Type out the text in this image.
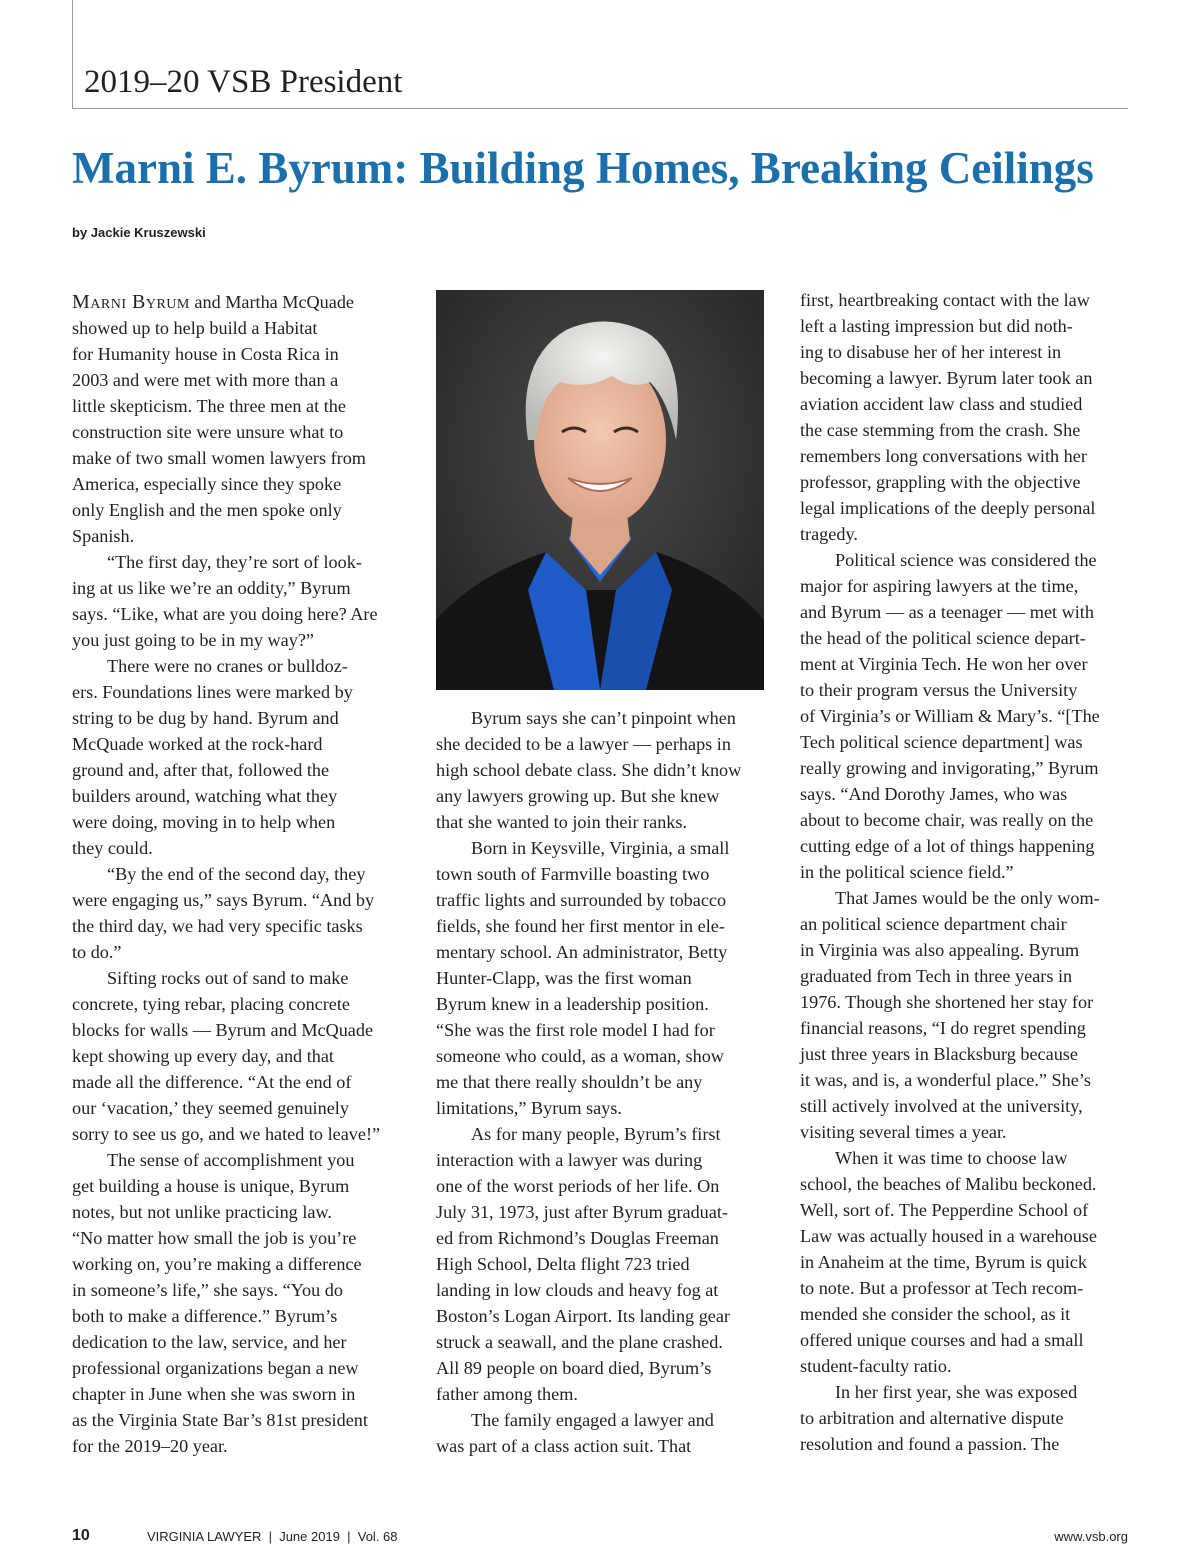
2019–20 VSB President
Marni E. Byrum: Building Homes, Breaking Ceilings

by Jackie Kruszewski

Marni Byrum and Martha McQuade
showed up to help build a Habitat
for Humanity house in Costa Rica in
2003 and were met with more than a
little skepticism. The three men at the
construction site were unsure what to
make of two small women lawyers from
America, especially since they spoke
only English and the men spoke only
Spanish.
“The first day, they’re sort of look-
ing at us like we’re an oddity,” Byrum
says. “Like, what are you doing here? Are
you just going to be in my way?”
There were no cranes or bulldoz-
ers. Foundations lines were marked by
string to be dug by hand. Byrum and
McQuade worked at the rock-hard
ground and, after that, followed the
builders around, watching what they
were doing, moving in to help when
they could.
“By the end of the second day, they
were engaging us,” says Byrum. “And by
the third day, we had very specific tasks
to do.”
Sifting rocks out of sand to make
concrete, tying rebar, placing concrete
blocks for walls — Byrum and McQuade
kept showing up every day, and that
made all the difference. “At the end of
our ‘vacation,’ they seemed genuinely
sorry to see us go, and we hated to leave!”
The sense of accomplishment you
get building a house is unique, Byrum
notes, but not unlike practicing law.
“No matter how small the job is you’re
working on, you’re making a difference
in someone’s life,” she says. “You do
both to make a difference.” Byrum’s
dedication to the law, service, and her
professional organizations began a new
chapter in June when she was sworn in
as the Virginia State Bar’s 81st president
for the 2019–20 year.
Byrum says she can’t pinpoint when
she decided to be a lawyer — perhaps in
high school debate class. She didn’t know
any lawyers growing up. But she knew
that she wanted to join their ranks.
Born in Keysville, Virginia, a small
town south of Farmville boasting two
traffic lights and surrounded by tobacco
fields, she found her first mentor in ele-
mentary school. An administrator, Betty
Hunter-Clapp, was the first woman
Byrum knew in a leadership position.
“She was the first role model I had for
someone who could, as a woman, show
me that there really shouldn’t be any
limitations,” Byrum says.
As for many people, Byrum’s first
interaction with a lawyer was during
one of the worst periods of her life. On
July 31, 1973, just after Byrum graduat-
ed from Richmond’s Douglas Freeman
High School, Delta flight 723 tried
landing in low clouds and heavy fog at
Boston’s Logan Airport. Its landing gear
struck a seawall, and the plane crashed.
All 89 people on board died, Byrum’s
father among them.
The family engaged a lawyer and
was part of a class action suit. That
first, heartbreaking contact with the law
left a lasting impression but did noth-
ing to disabuse her of her interest in
becoming a lawyer. Byrum later took an
aviation accident law class and studied
the case stemming from the crash. She
remembers long conversations with her
professor, grappling with the objective
legal implications of the deeply personal
tragedy.
Political science was considered the
major for aspiring lawyers at the time,
and Byrum — as a teenager — met with
the head of the political science depart-
ment at Virginia Tech. He won her over
to their program versus the University
of Virginia’s or William & Mary’s. “[The
Tech political science department] was
really growing and invigorating,” Byrum
says. “And Dorothy James, who was
about to become chair, was really on the
cutting edge of a lot of things happening
in the political science field.”
That James would be the only wom-
an political science department chair
in Virginia was also appealing. Byrum
graduated from Tech in three years in
1976. Though she shortened her stay for
financial reasons, “I do regret spending
just three years in Blacksburg because
it was, and is, a wonderful place.” She’s
still actively involved at the university,
visiting several times a year.
When it was time to choose law
school, the beaches of Malibu beckoned.
Well, sort of. The Pepperdine School of
Law was actually housed in a warehouse
in Anaheim at the time, Byrum is quick
to note. But a professor at Tech recom-
mended she consider the school, as it
offered unique courses and had a small
student-faculty ratio.
In her first year, she was exposed
to arbitration and alternative dispute
resolution and found a passion. The
10	VIRGINIA LAWYER  |  June 2019  |  Vol. 68	www.vsb.org
